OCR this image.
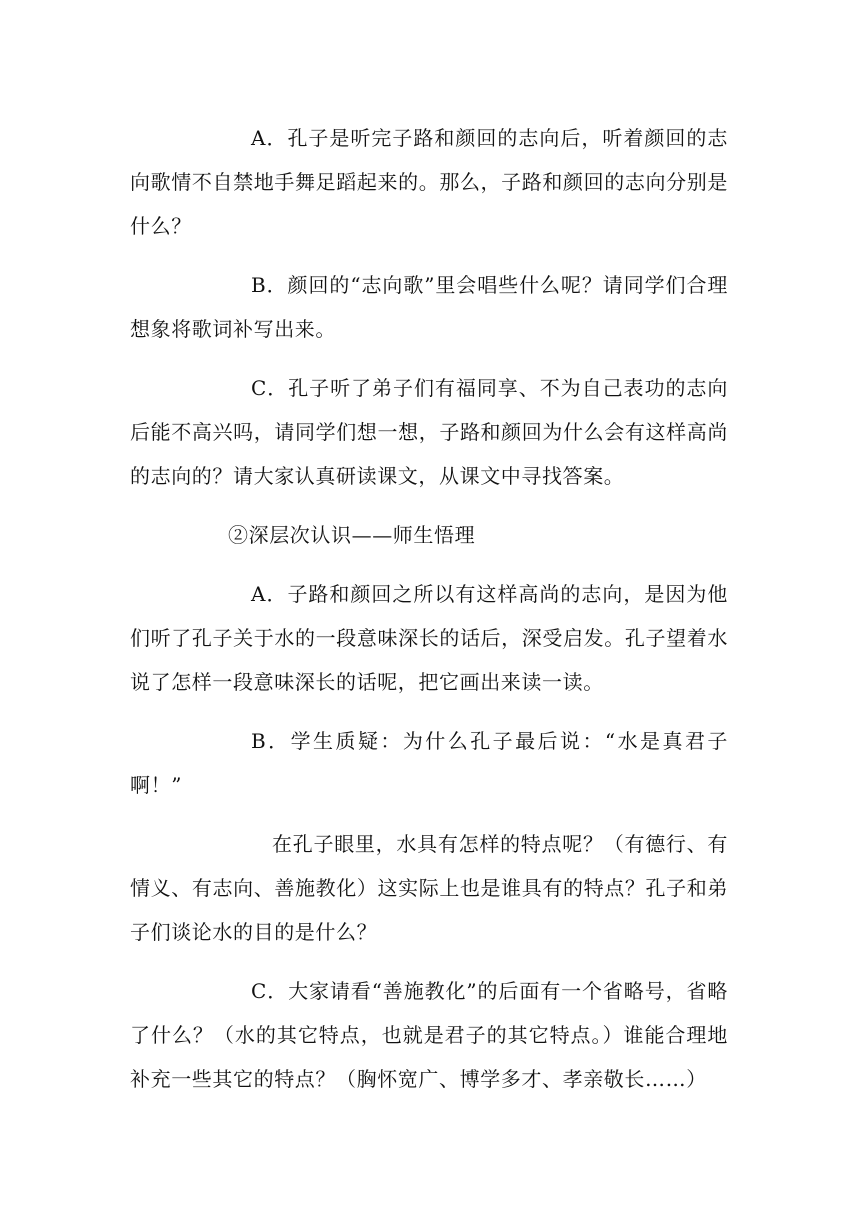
A．孔子是听完子路和颜回的志向后，听着颜回的志向歌情不自禁地手舞足蹈起来的。那么，子路和颜回的志向分别是什么？

B．颜回的“志向歌”里会唱些什么呢？请同学们合理想象将歌词补写出来。

C．孔子听了弟子们有福同享、不为自己表功的志向后能不高兴吗，请同学们想一想，子路和颜回为什么会有这样高尚的志向的？请大家认真研读课文，从课文中寻找答案。

②深层次认识——师生悟理

A．子路和颜回之所以有这样高尚的志向，是因为他们听了孔子关于水的一段意味深长的话后，深受启发。孔子望着水说了怎样一段意味深长的话呢，把它画出来读一读。

B．学生质疑：为什么孔子最后说：“水是真君子啊！”

在孔子眼里，水具有怎样的特点呢？（有德行、有情义、有志向、善施教化）这实际上也是谁具有的特点？孔子和弟子们谈论水的目的是什么？

C．大家请看“善施教化”的后面有一个省略号，省略了什么？（水的其它特点，也就是君子的其它特点。）谁能合理地补充一些其它的特点？（胸怀宽广、博学多才、孝亲敬长……）
